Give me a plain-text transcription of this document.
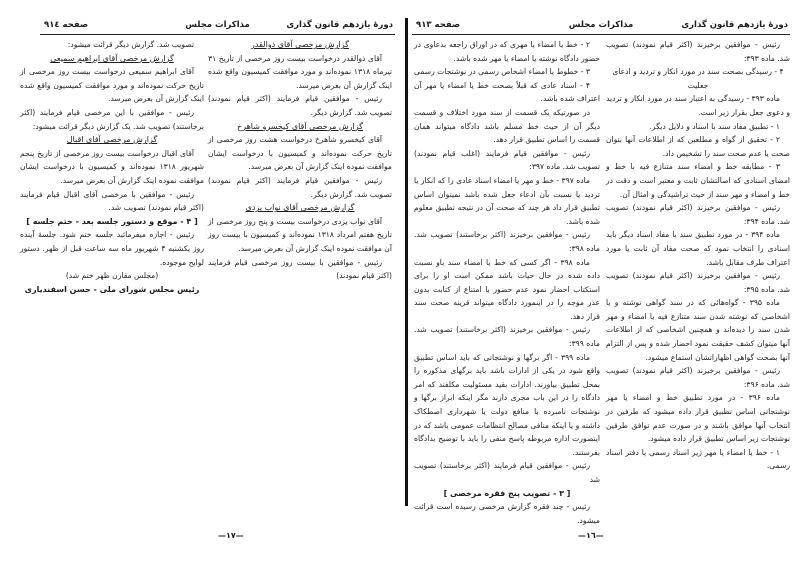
دورهٔ یازدهم قانون گذاری
مذاکرات مجلس
صفحه ٩١٤

گزارش مرخصی آقای ذوالقدر

آقای ذوالقدر درخواست بیست روز مرخصی از تاریخ ۳۱ تیرماه ۱۳۱۸ نموده‌اند و مورد موافقت کمیسیون واقع شده اینک گزارش آن بعرض میرسد.

رئیس - موافقین قیام فرمایند (اکثر قیام نمودند) تصویب شد. گزارش دیگر.

گزارش مرخصی آقای کیخسرو شاهرخ

آقای کیخسرو شاهرخ درخواست هشت روز مرخصی از تاریخ حرکت نموده‌اند و کمیسیون با درخواست ایشان موافقت نموده اینک گزارش آن بعرض میرسد.

رئیس - موافقین قیام فرمایند (اکثر قیام نمودند) تصویب شد. گزارش دیگر.

گزارش مرخصی آقای نواب یزدی

آقای نواب یزدی درخواست بیست و پنج روز مرخصی از تاریخ هفتم امرداد ۱۳۱۸ نموده‌اند و کمیسیون با بیست روز آن موافقت نموده اینک گزارش آن بعرض میرسد.

رئیس - موافقین با بیست روز مرخصی قیام فرمایند (اکثر قیام نمودند)

تصویب شد. گزارش دیگر قرائت میشود:

گزارش مرخصی آقای ابراهیم سمیعی

آقای ابراهیم سمیعی درخواست بیست روز مرخصی از تاریخ حرکت نموده‌اند و مورد موافقت کمیسیون واقع شده اینک گزارش آن بعرض میرسد.

رئیس - موافقین با این مرخصی قیام فرمایند (اکثر برخاستند) تصویب شد. یک گزارش دیگر قرائت میشود:

گزارش مرخصی آقای اقبال

آقای اقبال درخواست بیست روز مرخصی از تاریخ پنجم شهریور ۱۳۱۸ نموده‌اند و کمیسیون با درخواست ایشان موافقت نموده اینک گزارش آن بعرض میرسد.

رئیس - موافقین با مرخصی آقای اقبال قیام فرمایند (اکثر قیام نمودند) تصویب شد.

[ ۴ - موقع و دستور جلسه بعد - ختم جلسه ]

رئیس - اجازه میفرمائید جلسه ختم شود. جلسهٔ آینده روز یکشنبه ۴ شهریور ماه سه ساعت قبل از ظهر. دستور لوایح موجوده.

(مجلس مقارن ظهر ختم شد)

رئیس مجلس شورای ملی - حسن اسفندیاری

—١٧—
دورهٔ یازدهم قانون گذاری
مذاکرات مجلس
صفحه ٩١٣

رئیس - موافقین برخیزند (اکثر قیام نمودند) تصویب شد. ماده ۳۹۳:

۴ - رسیدگی بصحت سند در مورد انکار و تردید و ادعای جعلیت

ماده ۳۹۳ - رسیدگی به اعتبار سند در مورد انکار و تردید و دعوی جعل بقرار زیر است.

۱ - تطبیق مفاد سند با اسناد و دلایل دیگر.

۲ - تحقیق از گواه و مطلعین که از اطلاعات آنها بتوان صحت یا عدم صحت سند را تشخیص داد.

۳ - مطابقه خط و امضاء سند متنازع فیه با خط و امضای اسنادی که اصالتشان ثابت و معتبر است و دقت در خط و امضاء و مهر سند از حیث تراشیدگی و امثال آن.

رئیس - موافقین برخیزند (اکثر قیام نمودند) تصویب شد. ماده ۳۹۴:

ماده ۳۹۴ - در مورد تطبیق سند با مفاد اسناد دیگر باید اسنادی را انتخاب نمود که صحت مفاد آن ثابت یا مورد اعتراف طرف مقابل باشد.

رئیس - موافقین برخیزند (اکثر قیام نمودند) تصویب شد. ماده ۳۹۵:

ماده ۳۹۵ - گواه‌هائی که در سند گواهی نوشته و یا اشخاصی که نوشته شدن سند متنازع فیه یا امضاء و مهر شدن سند را دیده‌اند و همچنین اشخاصی که از اطلاعات آنها میتوان کشف حقیقت نمود احضار شده و پس از التزام آنها بصحت گواهی اظهاراتشان استماع میشود.

رئیس - موافقین برخیزند (اکثر قیام نمودند) تصویب شد. ماده ۳۹۶:

ماده ۳۹۶ - در مورد تطبیق خط و امضاء یا مهر نوشتجاتی اساس تطبیق قرار داده میشود که طرفین در انتخاب آنها موافق باشند و در صورت عدم توافق طرفین نوشتجات زیر اساس تطبیق قرار داده میشود.

۱ - خط یا امضاء یا مهر زیر اسناد رسمی یا دفتر اسناد رسمی.

۲ - خط یا امضاء یا مهری که در اوراق راجعه بدعاوی در حضور دادگاه نوشته یا امضاء یا مهر شده باشد.

۳ - خطوط یا امضاء اشخاص رسمی در نوشتجات رسمی

۴ - اسناد عادی که قبلاً بصحت خط یا امضاء یا مهر آن اعتراف شده باشد.

در صورتیکه یک قسمت از سند مورد اختلاف و قسمت دیگر آن از حیث خط مسلم باشد دادگاه میتواند همان قسمت را اساس تطبیق قرار دهد.

رئیس - موافقین قیام فرمایند (اغلب قیام نمودند) تصویب شد. ماده ۳۹۷:

ماده ۳۹۷ - خط و مهر یا امضاء اسناد عادی را که انکار یا تردید یا نسبت بآن ادعاء جعل شده باشد نمیتوان اساس تطبیق قرار داد هر چند که صحت آن در نتیجه تطبیق معلوم شده باشد.

رئیس - موافقین برخیزند (اکثر برخاستند) تصویب شد. ماده ۳۹۸:

ماده ۳۹۸ - اگر کسی که خط یا امضاء سند باو نسبت داده شده در حال حیات باشد ممکن است او را برای استکتاب احضار نمود عدم حضور یا امتناع از کتابت بدون عذر موجه را در اینمورد دادگاه میتواند قرینه صحت سند قرار دهد.

رئیس - موافقین برخیزند (اکثر برخاستند) تصویب شد. ماده ۳۹۹:

ماده ۳۹۹ - اگر برگها و نوشتجاتی که باید اساس تطبیق واقع شود در یکی از ادارات باشد باید برگهای مذکوره را بمحل تطبیق بیاورند. ادارات بقید مسئولیت مکلفند که امر دادگاه را در این باب مجری دارند مگر اینکه ابراز برگها و نوشتجات نامبرده با منافع دولت یا شهرداری اصطکاک داشته و یا اینکه منافی مصالح انتظامات عمومی باشد که در اینصورت اداره مربوطه پاسخ منفی را باید با توضیح بدادگاه بفرستند.

رئیس - موافقین قیام فرمایند (اکثر برخاستند) تصویب شد

[ ۳ - تصویب پنج فقره مرخصی ]

رئیس - چند فقره گزارش مرخصی رسیده است قرائت میشود.

—١٦—
